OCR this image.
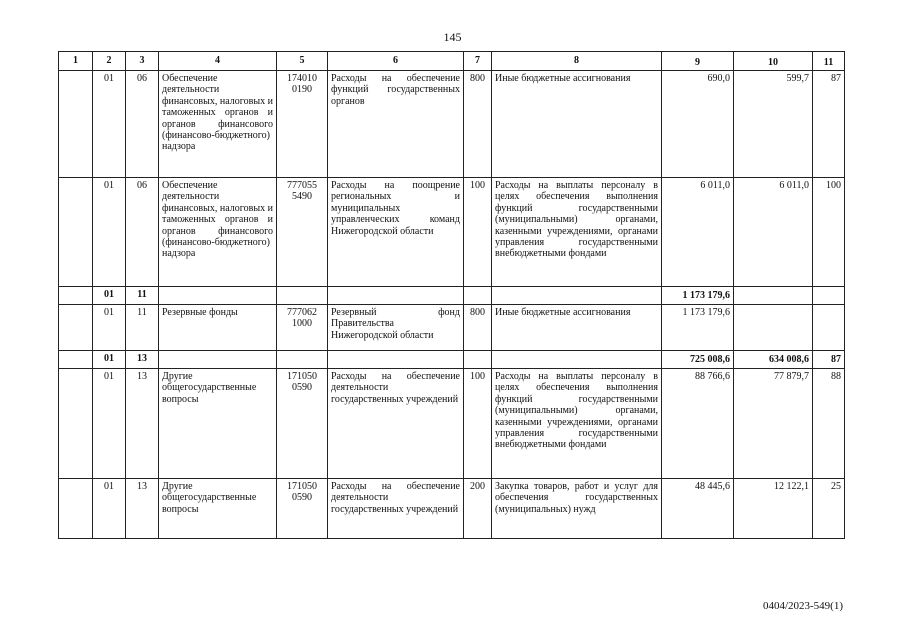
145
1	2	3	4	5	6	7	8	9	10	11
	01	06	Обеспечение деятельности финансовых, налоговых и таможенных органов и органов финансового (финансово-бюджетного) надзора	174010 0190	Расходы на обеспечение функций государственных органов	800	Иные бюджетные ассигнования	690,0	599,7	87
	01	06	Обеспечение деятельности финансовых, налоговых и таможенных органов и органов финансового (финансово-бюджетного) надзора	777055 5490	Расходы на поощрение региональных и муниципальных управленческих команд Нижегородской области	100	Расходы на выплаты персоналу в целях обеспечения выполнения функций государственными (муниципальными) органами, казенными учреждениями, органами управления государственными внебюджетными фондами	6 011,0	6 011,0	100
	01	11						1 173 179,6		
	01	11	Резервные фонды	777062 1000	Резервный фонд Правительства Нижегородской области	800	Иные бюджетные ассигнования	1 173 179,6		
	01	13						725 008,6	634 008,6	87
	01	13	Другие общегосударственные вопросы	171050 0590	Расходы на обеспечение деятельности государственных учреждений	100	Расходы на выплаты персоналу в целях обеспечения выполнения функций государственными (муниципальными) органами, казенными учреждениями, органами управления государственными внебюджетными фондами	88 766,6	77 879,7	88
	01	13	Другие общегосударственные вопросы	171050 0590	Расходы на обеспечение деятельности государственных учреждений	200	Закупка товаров, работ и услуг для обеспечения государственных (муниципальных) нужд	48 445,6	12 122,1	25
0404/2023-549(1)
